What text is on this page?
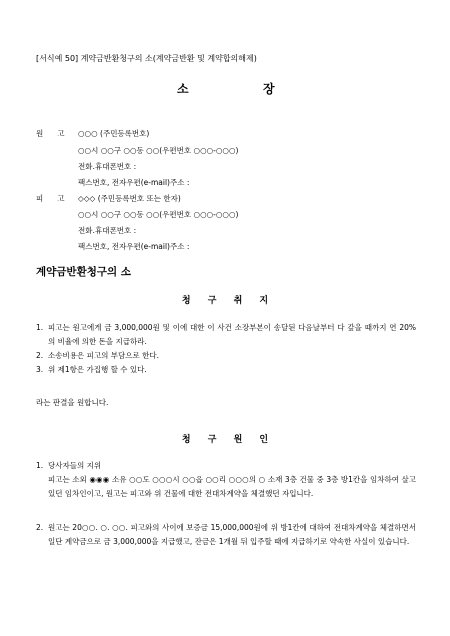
[서식예 50] 계약금반환청구의 소(계약금반환 및 계약합의해제)
소	장
원 고 ○○○ (주민등록번호)
○○시 ○○구 ○○동 ○○(우편번호 ○○○-○○○)
전화․휴대폰번호 :
팩스번호, 전자우편(e-mail)주소 :
피 고 ◇◇◇ (주민등록번호 또는 한자)
○○시 ○○구 ○○동 ○○(우편번호 ○○○-○○○)
전화․휴대폰번호 :
팩스번호, 전자우편(e-mail)주소 :
계약금반환청구의 소
청 구 취 지
1. 피고는 원고에게 금 3,000,000원 및 이에 대한 이 사건 소장부본이 송달된 다음날부터 다 갚을 때까지 연 20%의 비율에 의한 돈을 지급하라.
2. 소송비용은 피고의 부담으로 한다.
3. 위 제1항은 가집행 할 수 있다.
라는 판결을 원합니다.
청 구 원 인
1. 당사자들의 지위
피고는 소외 ◉◉◉ 소유 ○○도 ○○○시 ○○읍 ○○리 ○○○의 ○ 소재 3층 건물 중 3층 방1칸을 임차하여 살고 있던 임차인이고, 원고는 피고와 위 건물에 대한 전대차계약을 체결했던 자입니다.
2. 원고는 20○○. ○. ○○. 피고와의 사이에 보증금 15,000,000원에 위 방1칸에 대하여 전대차계약을 체결하면서 일단 계약금으로 금 3,000,000을 지급했고, 잔금은 1개월 뒤 입주할 때에 지급하기로 약속한 사실이 있습니다.
